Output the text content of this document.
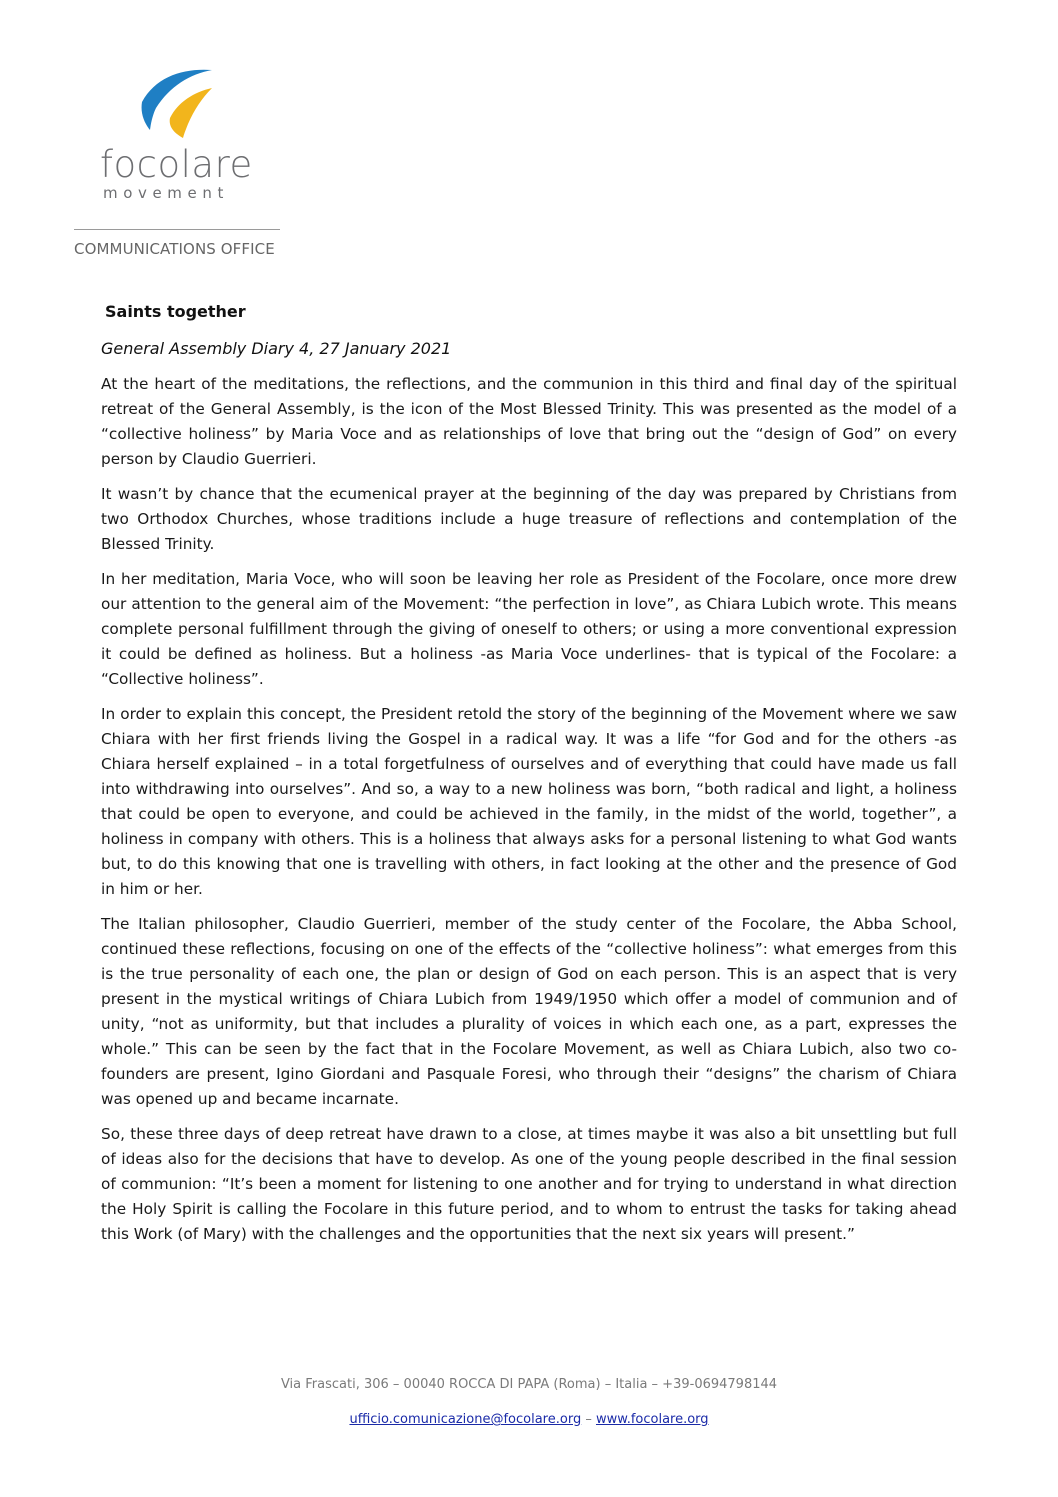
focolare
movement
COMMUNICATIONS OFFICE
Saints together
General Assembly Diary 4, 27 January 2021

At the heart of the meditations, the reflections, and the communion in this third and final day of the spiritual retreat of the General Assembly, is the icon of the Most Blessed Trinity. This was presented as the model of a “collective holiness” by Maria Voce and as relationships of love that bring out the “design of God” on every person by Claudio Guerrieri.

It wasn’t by chance that the ecumenical prayer at the beginning of the day was prepared by Christians from two Orthodox Churches, whose traditions include a huge treasure of reflections and contemplation of the Blessed Trinity.

In her meditation, Maria Voce, who will soon be leaving her role as President of the Focolare, once more drew our attention to the general aim of the Movement: “the perfection in love”, as Chiara Lubich wrote. This means complete personal fulfillment through the giving of oneself to others; or using a more conventional expression it could be defined as holiness. But a holiness -as Maria Voce underlines- that is typical of the Focolare: a “Collective holiness”.

In order to explain this concept, the President retold the story of the beginning of the Movement where we saw Chiara with her first friends living the Gospel in a radical way. It was a life “for God and for the others -as Chiara herself explained – in a total forgetfulness of ourselves and of everything that could have made us fall into withdrawing into ourselves”. And so, a way to a new holiness was born, “both radical and light, a holiness that could be open to everyone, and could be achieved in the family, in the midst of the world, together”, a holiness in company with others. This is a holiness that always asks for a personal listening to what God wants but, to do this knowing that one is travelling with others, in fact looking at the other and the presence of God in him or her.

The Italian philosopher, Claudio Guerrieri, member of the study center of the Focolare, the Abba School, continued these reflections, focusing on one of the effects of the “collective holiness”: what emerges from this is the true personality of each one, the plan or design of God on each person. This is an aspect that is very present in the mystical writings of Chiara Lubich from 1949/1950 which offer a model of communion and of unity, “not as uniformity, but that includes a plurality of voices in which each one, as a part, expresses the whole.” This can be seen by the fact that in the Focolare Movement, as well as Chiara Lubich, also two co-founders are present, Igino Giordani and Pasquale Foresi, who through their “designs” the charism of Chiara was opened up and became incarnate.

So, these three days of deep retreat have drawn to a close, at times maybe it was also a bit unsettling but full of ideas also for the decisions that have to develop. As one of the young people described in the final session of communion: “It’s been a moment for listening to one another and for trying to understand in what direction the Holy Spirit is calling the Focolare in this future period, and to whom to entrust the tasks for taking ahead this Work (of Mary) with the challenges and the opportunities that the next six years will present.”

Via Frascati, 306 – 00040 ROCCA DI PAPA (Roma) – Italia – +39-0694798144
ufficio.comunicazione@focolare.org – www.focolare.org
